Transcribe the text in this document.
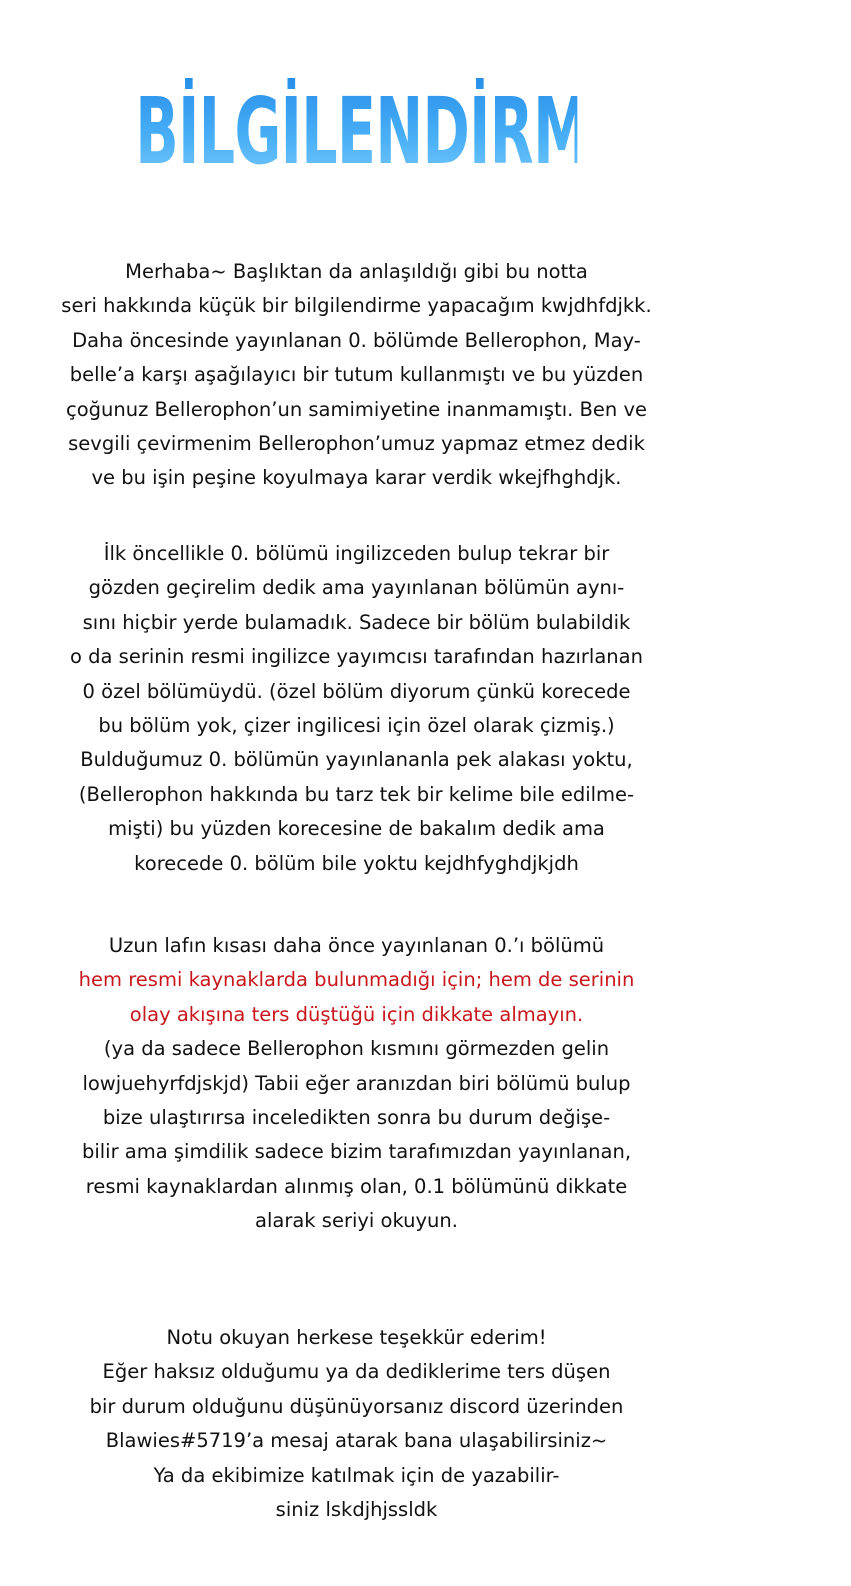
BİLGİLENDİRME NOTU!
Merhaba~ Başlıktan da anlaşıldığı gibi bu notta
seri hakkında küçük bir bilgilendirme yapacağım kwjdhfdjkk.
Daha öncesinde yayınlanan 0. bölümde Bellerophon, May-
belle’a karşı aşağılayıcı bir tutum kullanmıştı ve bu yüzden
çoğunuz Bellerophon’un samimiyetine inanmamıştı. Ben ve
sevgili çevirmenim Bellerophon’umuz yapmaz etmez dedik
ve bu işin peşine koyulmaya karar verdik wkejfhghdjk.
İlk öncellikle 0. bölümü ingilizceden bulup tekrar bir
gözden geçirelim dedik ama yayınlanan bölümün aynı-
sını hiçbir yerde bulamadık. Sadece bir bölüm bulabildik
o da serinin resmi ingilizce yayımcısı tarafından hazırlanan
0 özel bölümüydü. (özel bölüm diyorum çünkü korecede
bu bölüm yok, çizer ingilicesi için özel olarak çizmiş.)
Bulduğumuz 0. bölümün yayınlananla pek alakası yoktu,
(Bellerophon hakkında bu tarz tek bir kelime bile edilme-
mişti) bu yüzden korecesine de bakalım dedik ama
korecede 0. bölüm bile yoktu kejdhfyghdjkjdh
Uzun lafın kısası daha önce yayınlanan 0.’ı bölümü
hem resmi kaynaklarda bulunmadığı için; hem de serinin
olay akışına ters düştüğü için dikkate almayın.
(ya da sadece Bellerophon kısmını görmezden gelin
lowjuehyrfdjskjd) Tabii eğer aranızdan biri bölümü bulup
bize ulaştırırsa inceledikten sonra bu durum değişe-
bilir ama şimdilik sadece bizim tarafımızdan yayınlanan,
resmi kaynaklardan alınmış olan, 0.1 bölümünü dikkate
alarak seriyi okuyun.
Notu okuyan herkese teşekkür ederim!
Eğer haksız olduğumu ya da dediklerime ters düşen
bir durum olduğunu düşünüyorsanız discord üzerinden
Blawies#5719’a mesaj atarak bana ulaşabilirsiniz~
Ya da ekibimize katılmak için de yazabilir-
siniz lskdjhjssldk
